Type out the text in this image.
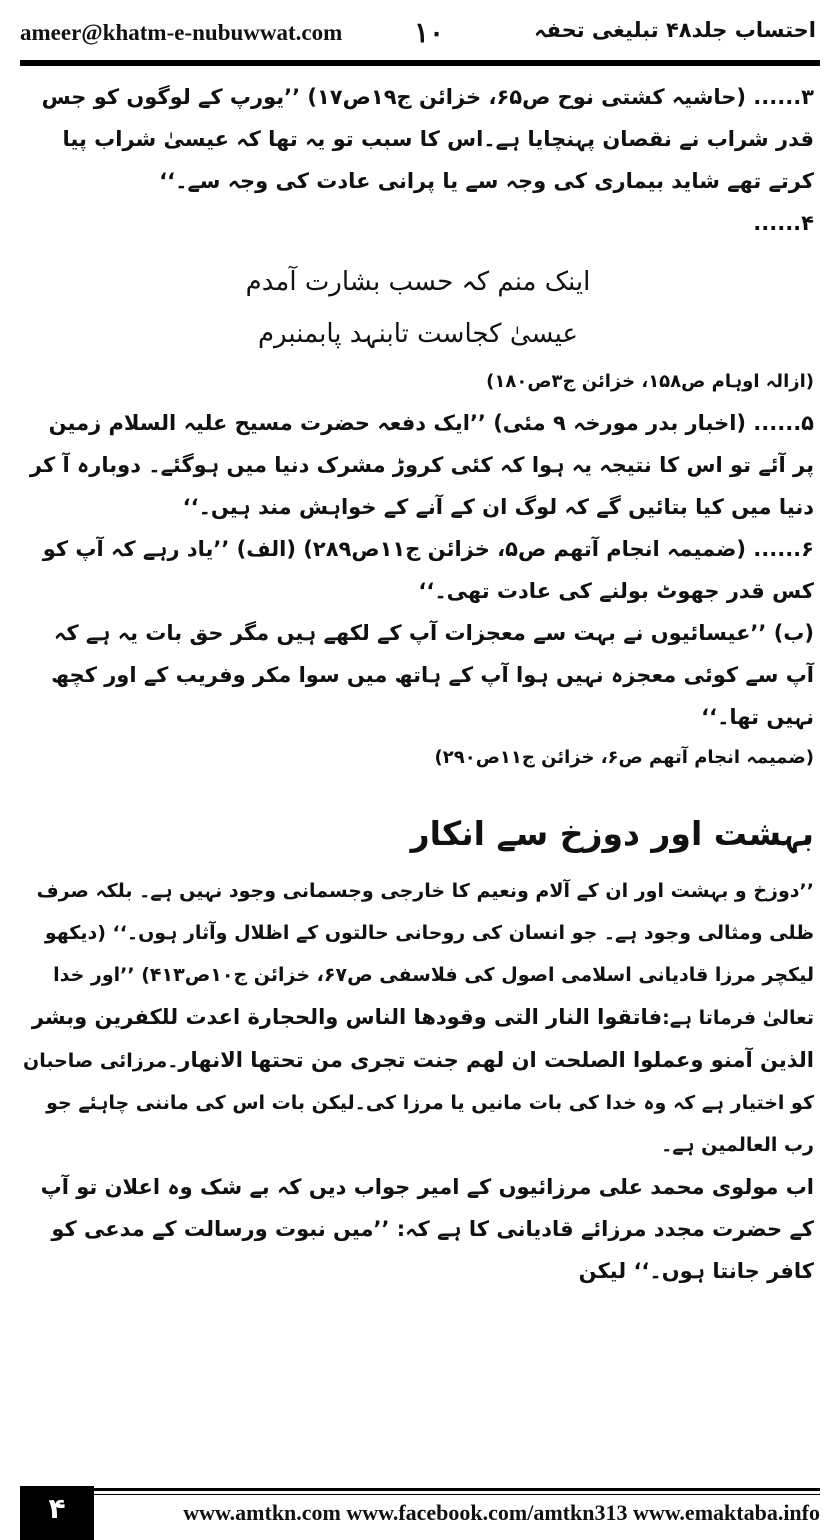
ameer@khatm-e-nubuwwat.com	۱۰	احتساب جلد۴۸ تبلیغی تحفہ

۳...... (حاشیہ کشتی نوح ص۶۵، خزائن ج۱۹ص۱۷) ’’یورپ کے لوگوں کو جس قدر شراب نے نقصان پہنچایا ہے۔اس کا سبب تو یہ تھا کہ عیسیٰ شراب پیا کرتے تھے شاید بیماری کی وجہ سے یا پرانی عادت کی وجہ سے۔‘‘

۴......

اینک منم کہ حسب بشارت آمدم
عیسیٰ کجاست تابنہد پابمنبرم

(ازالہ اوہام ص۱۵۸، خزائن ج۳ص۱۸۰)

۵...... (اخبار بدر مورخہ ۹ مئی) ’’ایک دفعہ حضرت مسیح علیہ السلام زمین پر آئے تو اس کا نتیجہ یہ ہوا کہ کئی کروڑ مشرک دنیا میں ہوگئے۔ دوبارہ آ کر دنیا میں کیا بتائیں گے کہ لوگ ان کے آنے کے خواہش مند ہیں۔‘‘

۶...... (ضمیمہ انجام آتھم ص۵، خزائن ج۱۱ص۲۸۹) (الف) ’’یاد رہے کہ آپ کو کس قدر جھوٹ بولنے کی عادت تھی۔‘‘

(ب) ’’عیسائیوں نے بہت سے معجزات آپ کے لکھے ہیں مگر حق بات یہ ہے کہ آپ سے کوئی معجزہ نہیں ہوا آپ کے ہاتھ میں سوا مکر وفریب کے اور کچھ نہیں تھا۔‘‘

(ضمیمہ انجام آتھم ص۶، خزائن ج۱۱ص۲۹۰)

بہشت اور دوزخ سے انکار

’’دوزخ و بہشت اور ان کے آلام ونعیم کا خارجی وجسمانی وجود نہیں ہے۔ بلکہ صرف ظلی ومثالی وجود ہے۔ جو انسان کی روحانی حالتوں کے اظلال وآثار ہوں۔‘‘ (دیکھو لیکچر مرزا قادیانی اسلامی اصول کی فلاسفی ص۶۷، خزائن ج۱۰ص۴۱۳) ’’اور خدا تعالیٰ فرماتا ہے:فاتقوا النار التی وقودها الناس والحجارة اعدت للکفرین وبشر الذین آمنو وعملوا الصلحت ان لهم جنت تجری من تحتها الانهار۔مرزائی صاحبان کو اختیار ہے کہ وہ خدا کی بات مانیں یا مرزا کی۔لیکن بات اس کی ماننی چاہئے جو رب العالمین ہے۔

اب مولوی محمد علی مرزائیوں کے امیر جواب دیں کہ بے شک وہ اعلان تو آپ کے حضرت مجدد مرزائے قادیانی کا ہے کہ: ’’میں نبوت ورسالت کے مدعی کو کافر جانتا ہوں۔‘‘ لیکن

۴	www.amtkn.com www.facebook.com/amtkn313 www.emaktaba.info
